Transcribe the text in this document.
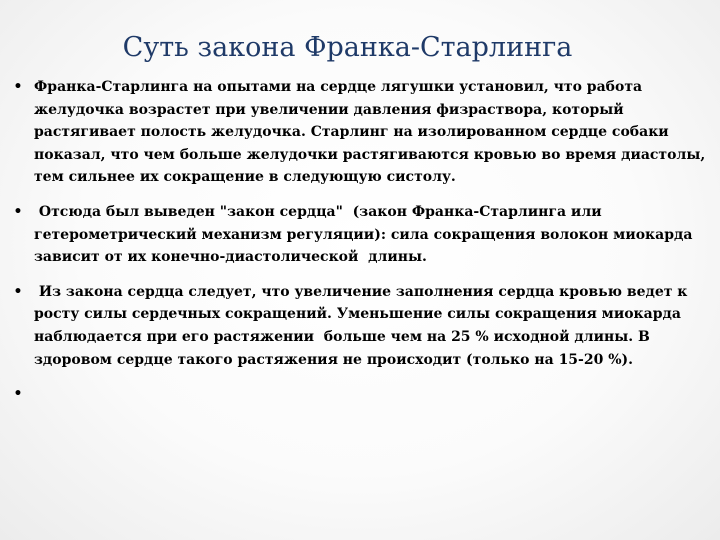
Суть закона Франка-Старлинга
• Франка-Старлинга на опытами на сердце лягушки установил, что работа желудочка возрастет при увеличении давления физраствора, который растягивает полость желудочка. Старлинг на изолированном сердце собаки показал, что чем больше желудочки растягиваются кровью во время диастолы, тем сильнее их сокращение в следующую систолу.
• Отсюда был выведен "закон сердца"  (закон Франка-Старлинга или гетерометрический механизм регуляции): сила сокращения волокон миокарда зависит от их конечно-диастолической  длины.
• Из закона сердца следует, что увеличение заполнения сердца кровью ведет к росту силы сердечных сокращений. Уменьшение силы сокращения миокарда наблюдается при его растяжении  больше чем на 25 % исходной длины. В здоровом сердце такого растяжения не происходит (только на 15-20 %).
•
